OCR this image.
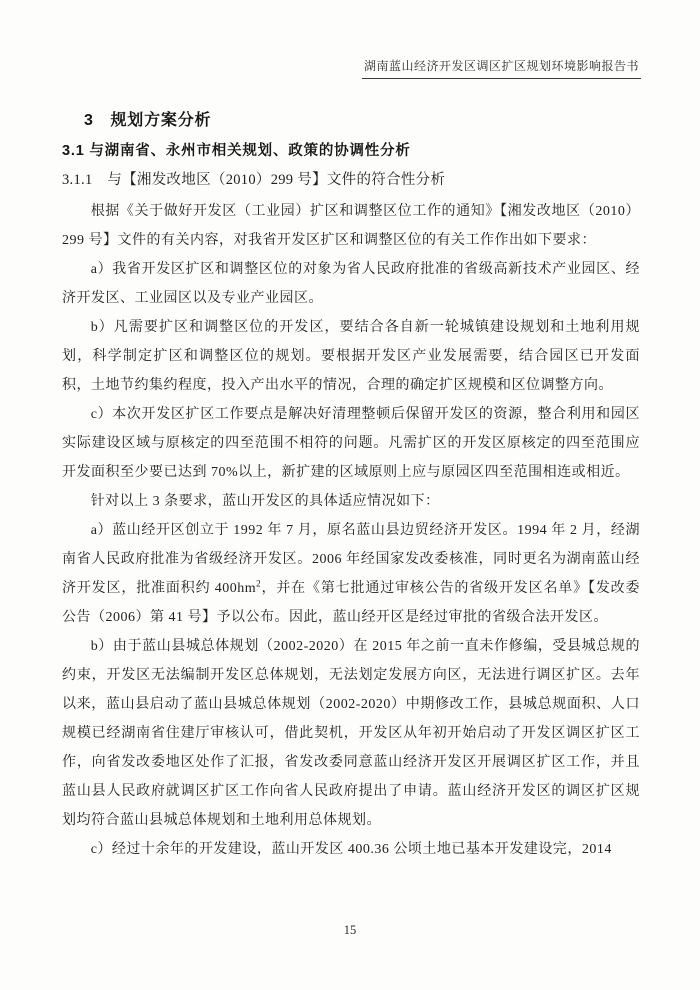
湖南蓝山经济开发区调区扩区规划环境影响报告书
3　规划方案分析
3.1 与湖南省、永州市相关规划、政策的协调性分析
3.1.1　与【湘发改地区（2010）299 号】文件的符合性分析

根据《关于做好开发区（工业园）扩区和调整区位工作的通知》【湘发改地区（2010）299 号】文件的有关内容，对我省开发区扩区和调整区位的有关工作作出如下要求：

a）我省开发区扩区和调整区位的对象为省人民政府批准的省级高新技术产业园区、经济开发区、工业园区以及专业产业园区。

b）凡需要扩区和调整区位的开发区，要结合各自新一轮城镇建设规划和土地利用规划，科学制定扩区和调整区位的规划。要根据开发区产业发展需要，结合园区已开发面积，土地节约集约程度，投入产出水平的情况，合理的确定扩区规模和区位调整方向。

c）本次开发区扩区工作要点是解决好清理整顿后保留开发区的资源，整合利用和园区实际建设区域与原核定的四至范围不相符的问题。凡需扩区的开发区原核定的四至范围应开发面积至少要已达到 70%以上，新扩建的区域原则上应与原园区四至范围相连或相近。

针对以上 3 条要求，蓝山开发区的具体适应情况如下：

a）蓝山经开区创立于 1992 年 7 月，原名蓝山县边贸经济开发区。1994 年 2 月，经湖南省人民政府批准为省级经济开发区。2006 年经国家发改委核准，同时更名为湖南蓝山经济开发区，批准面积约 $400hm^2$，并在《第七批通过审核公告的省级开发区名单》【发改委公告（2006）第 41 号】予以公布。因此，蓝山经开区是经过审批的省级合法开发区。

b）由于蓝山县城总体规划（2002-2020）在 2015 年之前一直未作修编，受县城总规的约束，开发区无法编制开发区总体规划，无法划定发展方向区，无法进行调区扩区。去年以来，蓝山县启动了蓝山县城总体规划（2002-2020）中期修改工作，县城总规面积、人口规模已经湖南省住建厅审核认可，借此契机，开发区从年初开始启动了开发区调区扩区工作，向省发改委地区处作了汇报，省发改委同意蓝山经济开发区开展调区扩区工作，并且蓝山县人民政府就调区扩区工作向省人民政府提出了申请。蓝山经济开发区的调区扩区规划均符合蓝山县城总体规划和土地利用总体规划。

c）经过十余年的开发建设，蓝山开发区 400.36 公顷土地已基本开发建设完，2014

15
